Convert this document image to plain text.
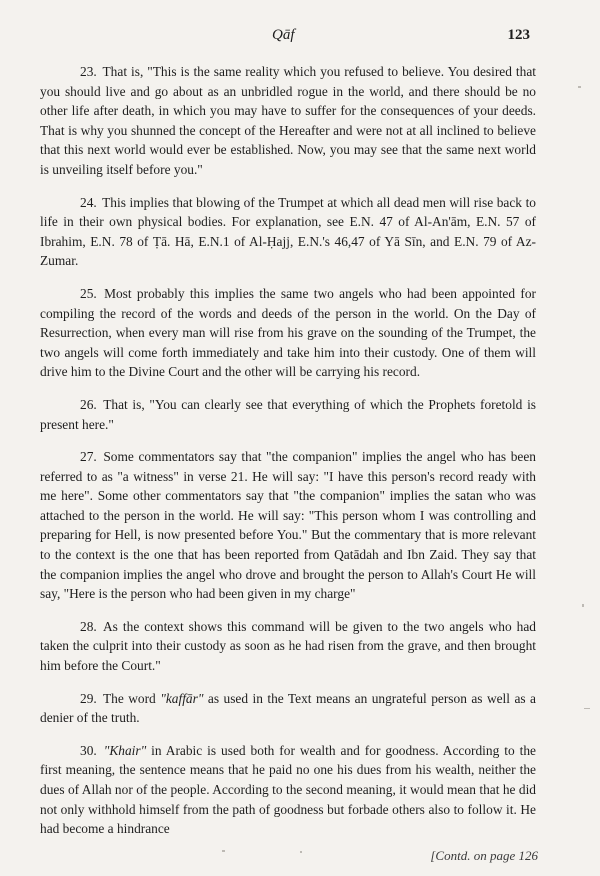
Qāf	123

23. That is, "This is the same reality which you refused to believe. You desired that you should live and go about as an unbridled rogue in the world, and there should be no other life after death, in which you may have to suffer for the consequences of your deeds. That is why you shunned the concept of the Hereafter and were not at all inclined to believe that this next world would ever be established. Now, you may see that the same next world is unveiling itself before you."

24. This implies that blowing of the Trumpet at which all dead men will rise back to life in their own physical bodies. For explanation, see E.N. 47 of Al-An'ām, E.N. 57 of Ibrahim, E.N. 78 of Ṭā. Hā, E.N.1 of Al-Ḥajj, E.N.'s 46,47 of Yā Sīn, and E.N. 79 of Az-Zumar.

25. Most probably this implies the same two angels who had been appointed for compiling the record of the words and deeds of the person in the world. On the Day of Resurrection, when every man will rise from his grave on the sounding of the Trumpet, the two angels will come forth immediately and take him into their custody. One of them will drive him to the Divine Court and the other will be carrying his record.

26. That is, "You can clearly see that everything of which the Prophets foretold is present here."

27. Some commentators say that "the companion" implies the angel who has been referred to as "a witness" in verse 21. He will say: "I have this person's record ready with me here". Some other commentators say that "the companion" implies the satan who was attached to the person in the world. He will say: "This person whom I was controlling and preparing for Hell, is now presented before You." But the commentary that is more relevant to the context is the one that has been reported from Qatādah and Ibn Zaid. They say that the companion implies the angel who drove and brought the person to Allah's Court He will say, "Here is the person who had been given in my charge"

28. As the context shows this command will be given to the two angels who had taken the culprit into their custody as soon as he had risen from the grave, and then brought him before the Court."

29. The word "kaffār" as used in the Text means an ungrateful person as well as a denier of the truth.

30. "Khair" in Arabic is used both for wealth and for goodness. According to the first meaning, the sentence means that he paid no one his dues from his wealth, neither the dues of Allah nor of the people. According to the second meaning, it would mean that he did not only withhold himself from the path of goodness but forbade others also to follow it. He had become a hindrance

[Contd. on page 126
